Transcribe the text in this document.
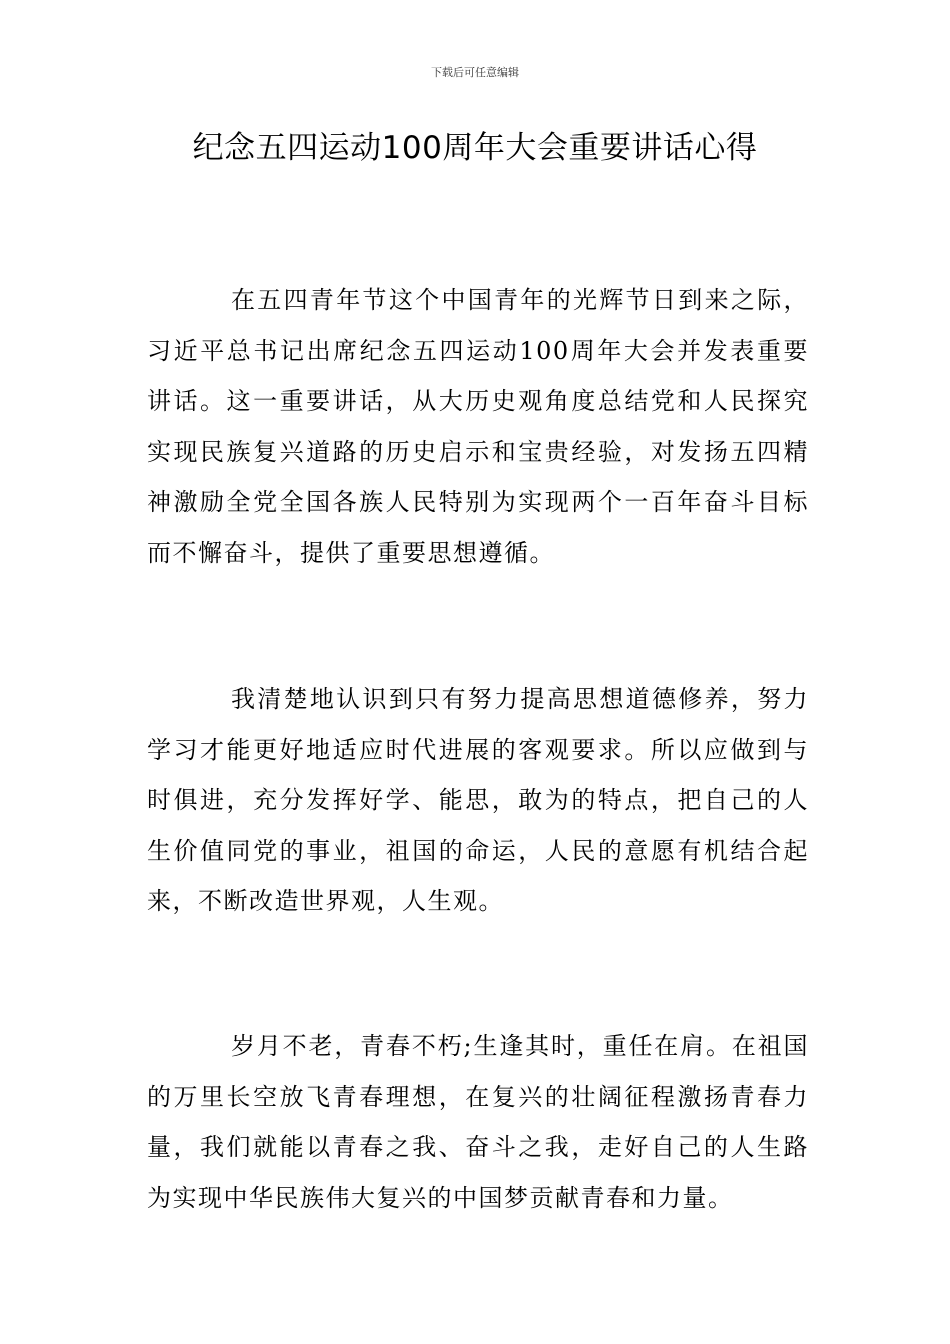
下载后可任意编辑
纪念五四运动100周年大会重要讲话心得

在五四青年节这个中国青年的光辉节日到来之际，习近平总书记出席纪念五四运动100周年大会并发表重要讲话。这一重要讲话，从大历史观角度总结党和人民探究实现民族复兴道路的历史启示和宝贵经验，对发扬五四精神激励全党全国各族人民特别为实现两个一百年奋斗目标而不懈奋斗，提供了重要思想遵循。

我清楚地认识到只有努力提高思想道德修养，努力学习才能更好地适应时代进展的客观要求。所以应做到与时俱进，充分发挥好学、能思，敢为的特点，把自己的人生价值同党的事业，祖国的命运，人民的意愿有机结合起来，不断改造世界观，人生观。

岁月不老，青春不朽;生逢其时，重任在肩。在祖国的万里长空放飞青春理想，在复兴的壮阔征程激扬青春力量，我们就能以青春之我、奋斗之我，走好自己的人生路为实现中华民族伟大复兴的中国梦贡献青春和力量。
